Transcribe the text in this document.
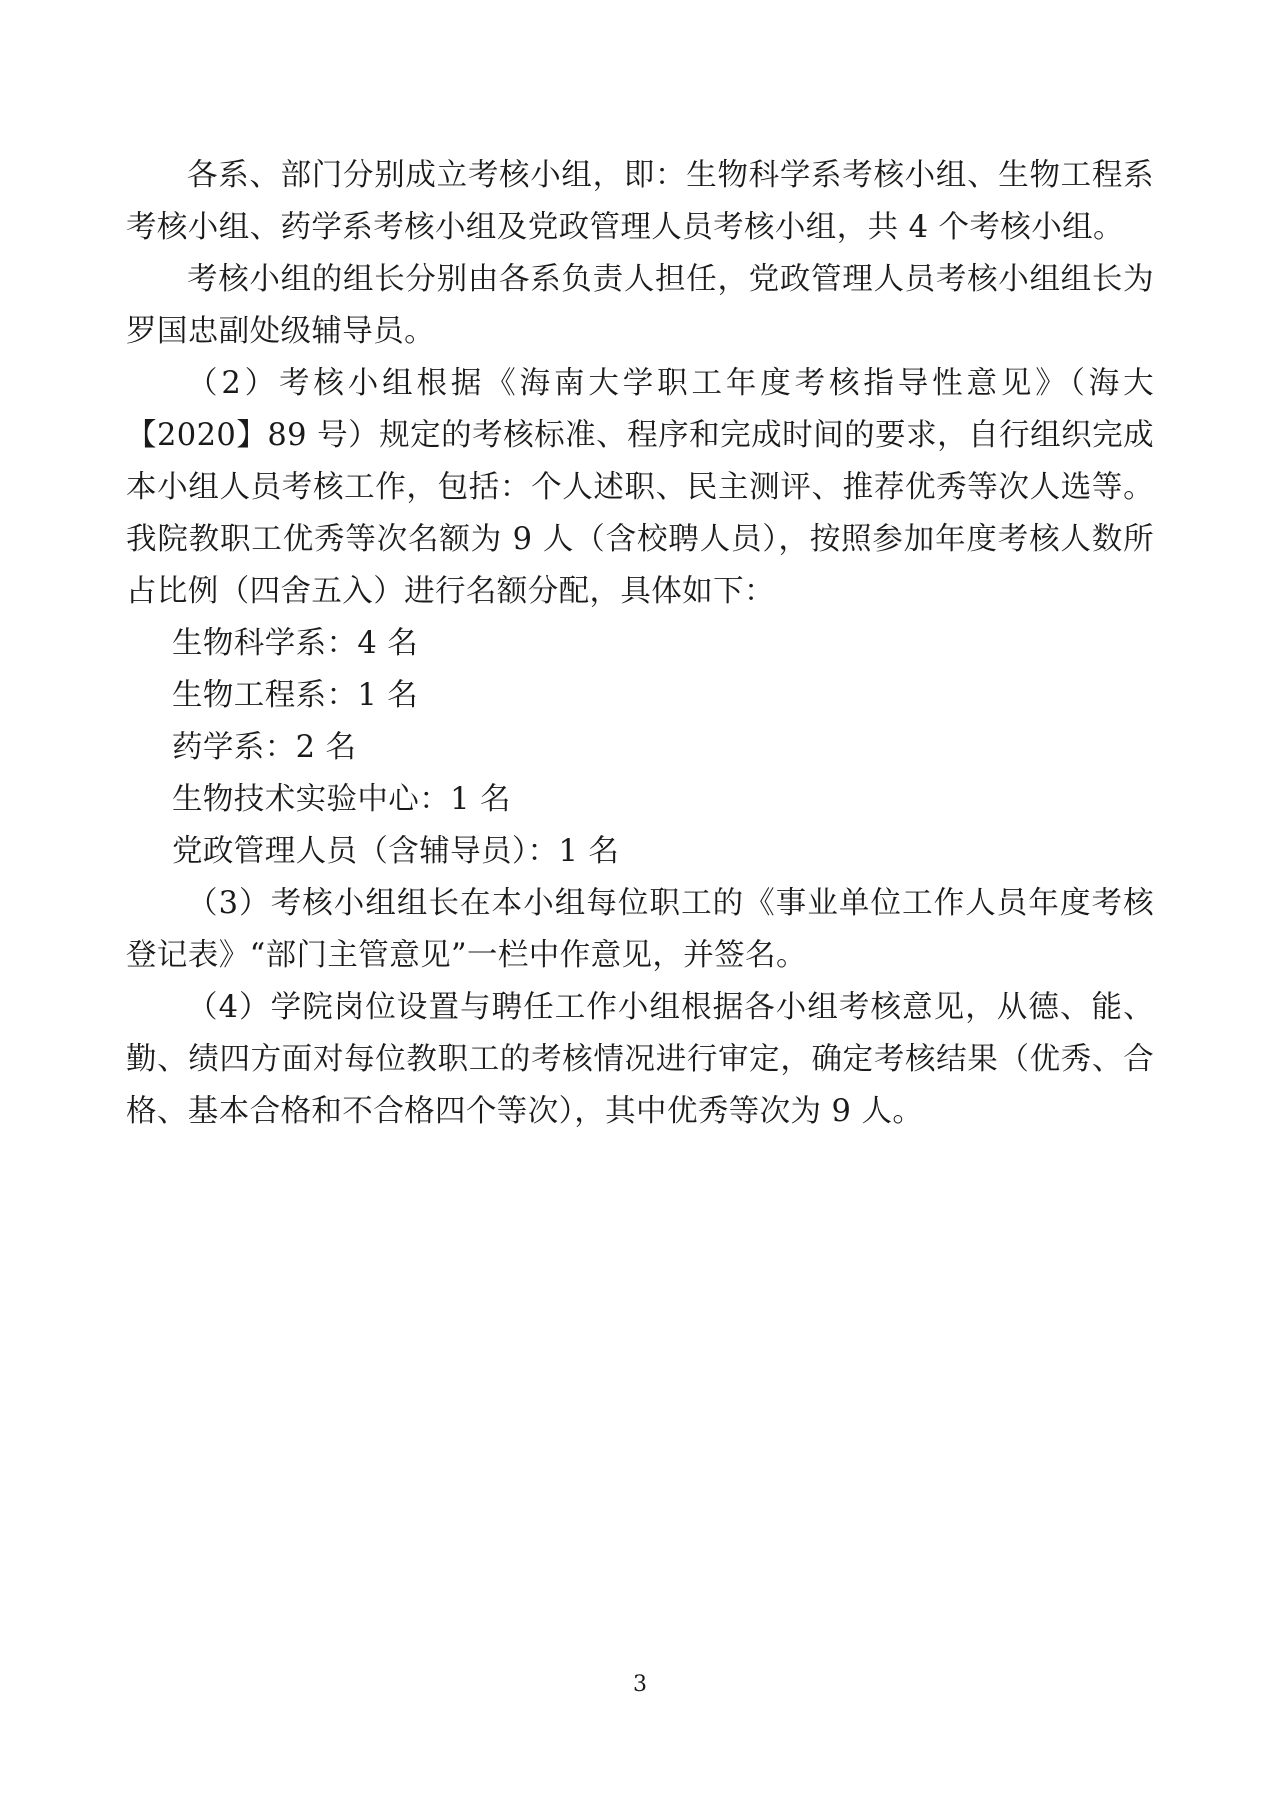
各系、部门分别成立考核小组，即：生物科学系考核小组、生物工程系考核小组、药学系考核小组及党政管理人员考核小组，共 4 个考核小组。

考核小组的组长分别由各系负责人担任，党政管理人员考核小组组长为罗国忠副处级辅导员。

（2）考核小组根据《海南大学职工年度考核指导性意见》（海大【2020】89 号）规定的考核标准、程序和完成时间的要求，自行组织完成本小组人员考核工作，包括：个人述职、民主测评、推荐优秀等次人选等。我院教职工优秀等次名额为 9 人（含校聘人员），按照参加年度考核人数所占比例（四舍五入）进行名额分配，具体如下：

生物科学系：4 名

生物工程系：1 名

药学系：2 名

生物技术实验中心：1 名

党政管理人员（含辅导员）：1 名

（3）考核小组组长在本小组每位职工的《事业单位工作人员年度考核登记表》“部门主管意见”一栏中作意见，并签名。

（4）学院岗位设置与聘任工作小组根据各小组考核意见，从德、能、勤、绩四方面对每位教职工的考核情况进行审定，确定考核结果（优秀、合格、基本合格和不合格四个等次），其中优秀等次为 9 人。

3
